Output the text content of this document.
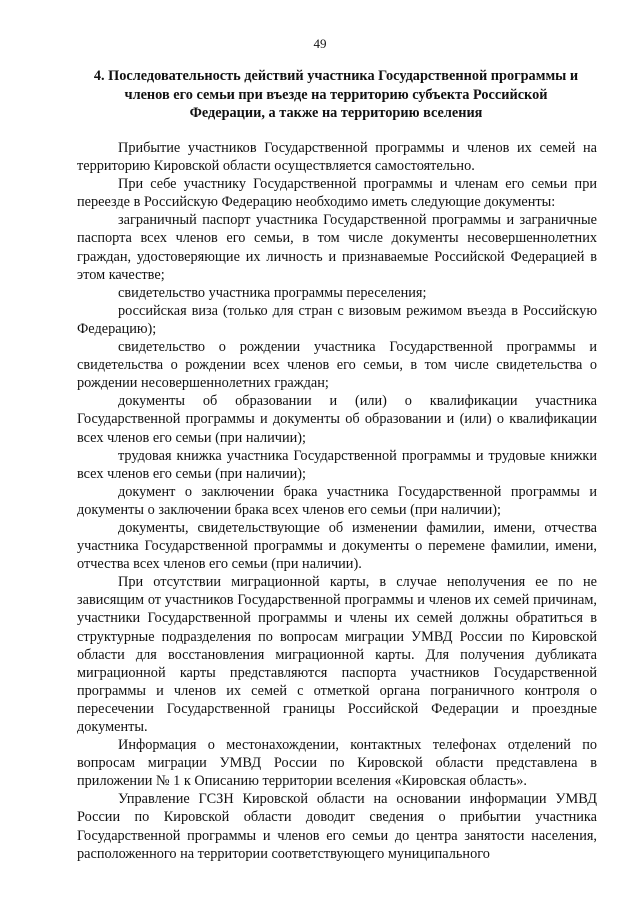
49
4. Последовательность действий участника Государственной программы и членов его семьи при въезде на территорию субъекта Российской Федерации, а также на территорию вселения

Прибытие участников Государственной программы и членов их семей на территорию Кировской области осуществляется самостоятельно.

При себе участнику Государственной программы и членам его семьи при переезде в Российскую Федерацию необходимо иметь следующие документы:

заграничный паспорт участника Государственной программы и заграничные паспорта всех членов его семьи, в том числе документы несовершеннолетних граждан, удостоверяющие их личность и признаваемые Российской Федерацией в этом качестве;

свидетельство участника программы переселения;

российская виза (только для стран с визовым режимом въезда в Российскую Федерацию);

свидетельство о рождении участника Государственной программы и свидетельства о рождении всех членов его семьи, в том числе свидетельства о рождении несовершеннолетних граждан;

документы об образовании и (или) о квалификации участника Государственной программы и документы об образовании и (или) о квалификации всех членов его семьи (при наличии);

трудовая книжка участника Государственной программы и трудовые книжки всех членов его семьи (при наличии);

документ о заключении брака участника Государственной программы и документы о заключении брака всех членов его семьи (при наличии);

документы, свидетельствующие об изменении фамилии, имени, отчества участника Государственной программы и документы о перемене фамилии, имени, отчества всех членов его семьи (при наличии).

При отсутствии миграционной карты, в случае неполучения ее по не зависящим от участников Государственной программы и членов их семей причинам, участники Государственной программы и члены их семей должны обратиться в структурные подразделения по вопросам миграции УМВД России по Кировской области для восстановления миграционной карты. Для получения дубликата миграционной карты представляются паспорта участников Государственной программы и членов их семей с отметкой органа пограничного контроля о пересечении Государственной границы Российской Федерации и проездные документы.

Информация о местонахождении, контактных телефонах отделений по вопросам миграции УМВД России по Кировской области представлена в приложении № 1 к Описанию территории вселения «Кировская область».

Управление ГСЗН Кировской области на основании информации УМВД России по Кировской области доводит сведения о прибытии участника Государственной программы и членов его семьи до центра занятости населения, расположенного на территории соответствующего муниципального
